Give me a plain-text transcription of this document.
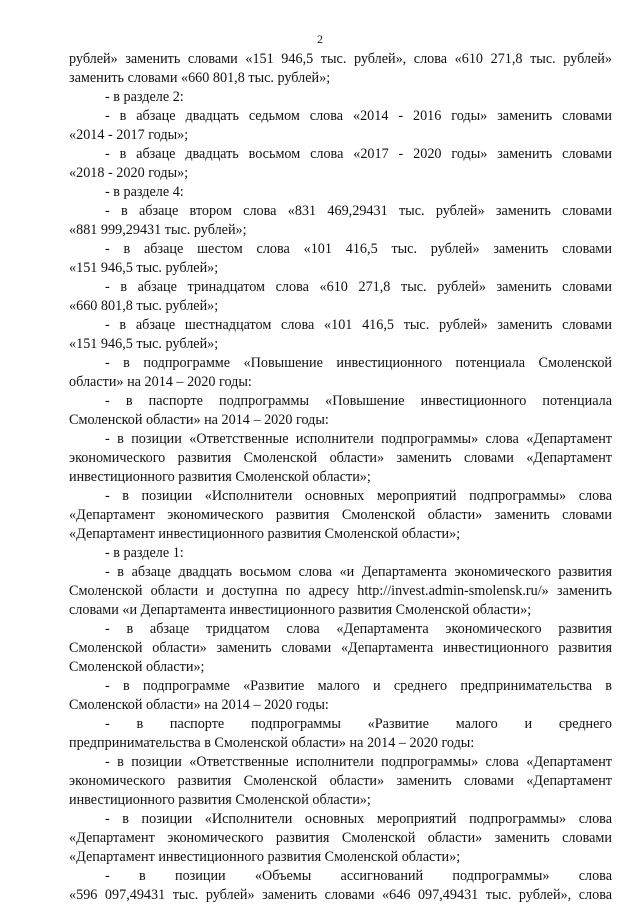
2
рублей» заменить словами «151 946,5 тыс. рублей», слова «610 271,8 тыс. рублей»
заменить словами «660 801,8 тыс. рублей»;
- в разделе 2:
- в абзаце двадцать седьмом слова «2014 - 2016 годы» заменить словами
«2014 - 2017 годы»;
- в абзаце двадцать восьмом слова «2017 - 2020 годы» заменить словами
«2018 - 2020 годы»;
- в разделе 4:
- в абзаце втором слова «831 469,29431 тыс. рублей» заменить словами
«881 999,29431 тыс. рублей»;
- в абзаце шестом слова «101 416,5 тыс. рублей» заменить словами
«151 946,5 тыс. рублей»;
- в абзаце тринадцатом слова «610 271,8 тыс. рублей» заменить словами
«660 801,8 тыс. рублей»;
- в абзаце шестнадцатом слова «101 416,5 тыс. рублей» заменить словами
«151 946,5 тыс. рублей»;
- в подпрограмме «Повышение инвестиционного потенциала Смоленской
области» на 2014 – 2020 годы:
- в паспорте подпрограммы «Повышение инвестиционного потенциала
Смоленской области» на 2014 – 2020 годы:
- в позиции «Ответственные исполнители подпрограммы» слова «Департамент
экономического развития Смоленской области» заменить словами «Департамент
инвестиционного развития Смоленской области»;
- в позиции «Исполнители основных мероприятий подпрограммы» слова
«Департамент экономического развития Смоленской области» заменить словами
«Департамент инвестиционного развития Смоленской области»;
- в разделе 1:
- в абзаце двадцать восьмом слова «и Департамента экономического развития
Смоленской области и доступна по адресу http://invest.admin-smolensk.ru/» заменить
словами «и Департамента инвестиционного развития Смоленской области»;
- в абзаце тридцатом слова «Департамента экономического развития
Смоленской области» заменить словами «Департамента инвестиционного развития
Смоленской области»;
- в подпрограмме «Развитие малого и среднего предпринимательства в
Смоленской области» на 2014 – 2020 годы:
- в паспорте подпрограммы «Развитие малого и среднего
предпринимательства в Смоленской области» на 2014 – 2020 годы:
- в позиции «Ответственные исполнители подпрограммы» слова «Департамент
экономического развития Смоленской области» заменить словами «Департамент
инвестиционного развития Смоленской области»;
- в позиции «Исполнители основных мероприятий подпрограммы» слова
«Департамент экономического развития Смоленской области» заменить словами
«Департамент инвестиционного развития Смоленской области»;
- в позиции «Объемы ассигнований подпрограммы» слова
«596 097,49431 тыс. рублей» заменить словами «646 097,49431 тыс. рублей», слова
